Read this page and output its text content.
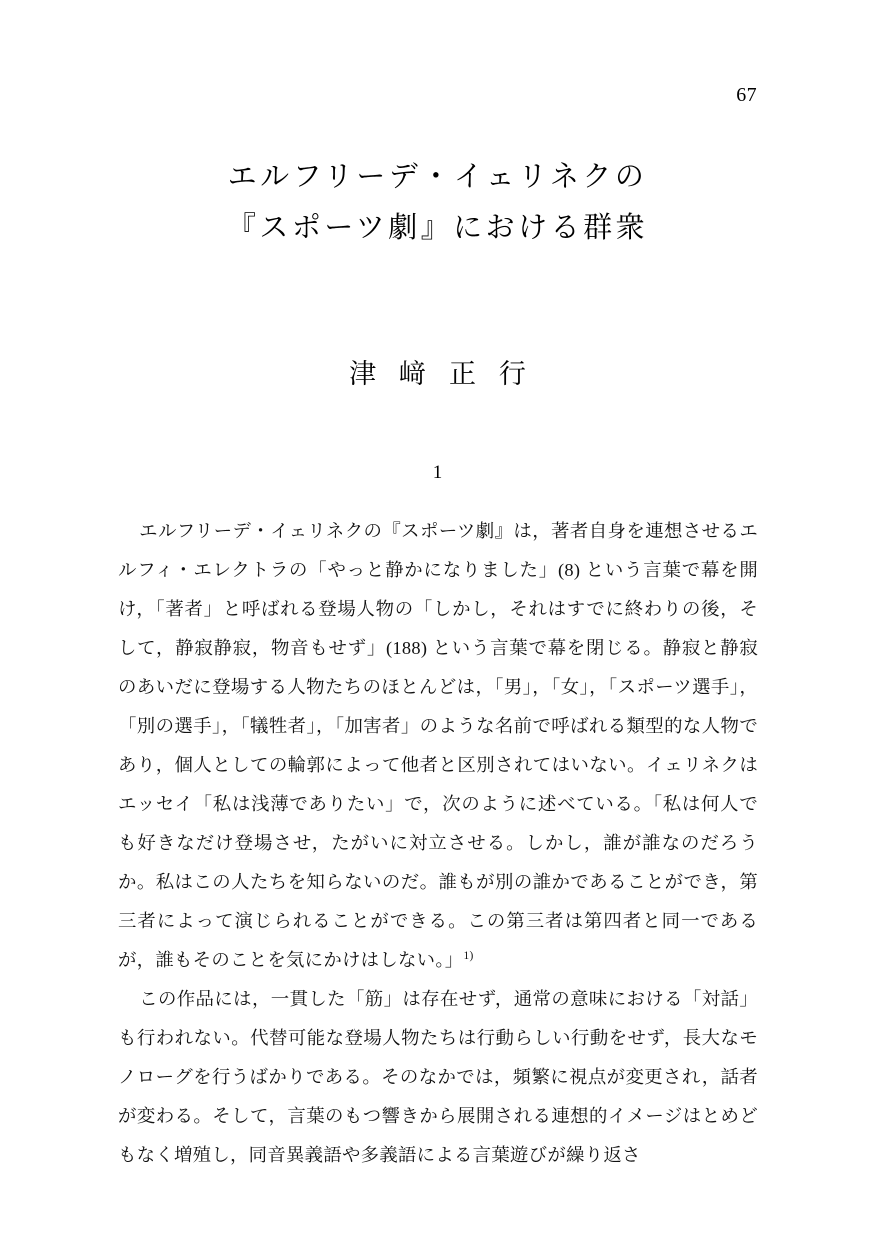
67
エルフリーデ・イェリネクの
『スポーツ劇』における群衆
津﨑正行
1

エルフリーデ・イェリネクの『スポーツ劇』は，著者自身を連想させるエルフィ・エレクトラの「やっと静かになりました」(8) という言葉で幕を開け，「著者」と呼ばれる登場人物の「しかし，それはすでに終わりの後，そして，静寂静寂，物音もせず」(188) という言葉で幕を閉じる。静寂と静寂のあいだに登場する人物たちのほとんどは，「男」，「女」，「スポーツ選手」，「別の選手」，「犠牲者」，「加害者」のような名前で呼ばれる類型的な人物であり，個人としての輪郭によって他者と区別されてはいない。イェリネクはエッセイ「私は浅薄でありたい」で，次のように述べている。「私は何人でも好きなだけ登場させ，たがいに対立させる。しかし，誰が誰なのだろうか。私はこの人たちを知らないのだ。誰もが別の誰かであることができ，第三者によって演じられることができる。この第三者は第四者と同一であるが，誰もそのことを気にかけはしない。」$^{1)}$

この作品には，一貫した「筋」は存在せず，通常の意味における「対話」も行われない。代替可能な登場人物たちは行動らしい行動をせず，長大なモノローグを行うばかりである。そのなかでは，頻繁に視点が変更され，話者が変わる。そして，言葉のもつ響きから展開される連想的イメージはとめどもなく増殖し，同音異義語や多義語による言葉遊びが繰り返さ
